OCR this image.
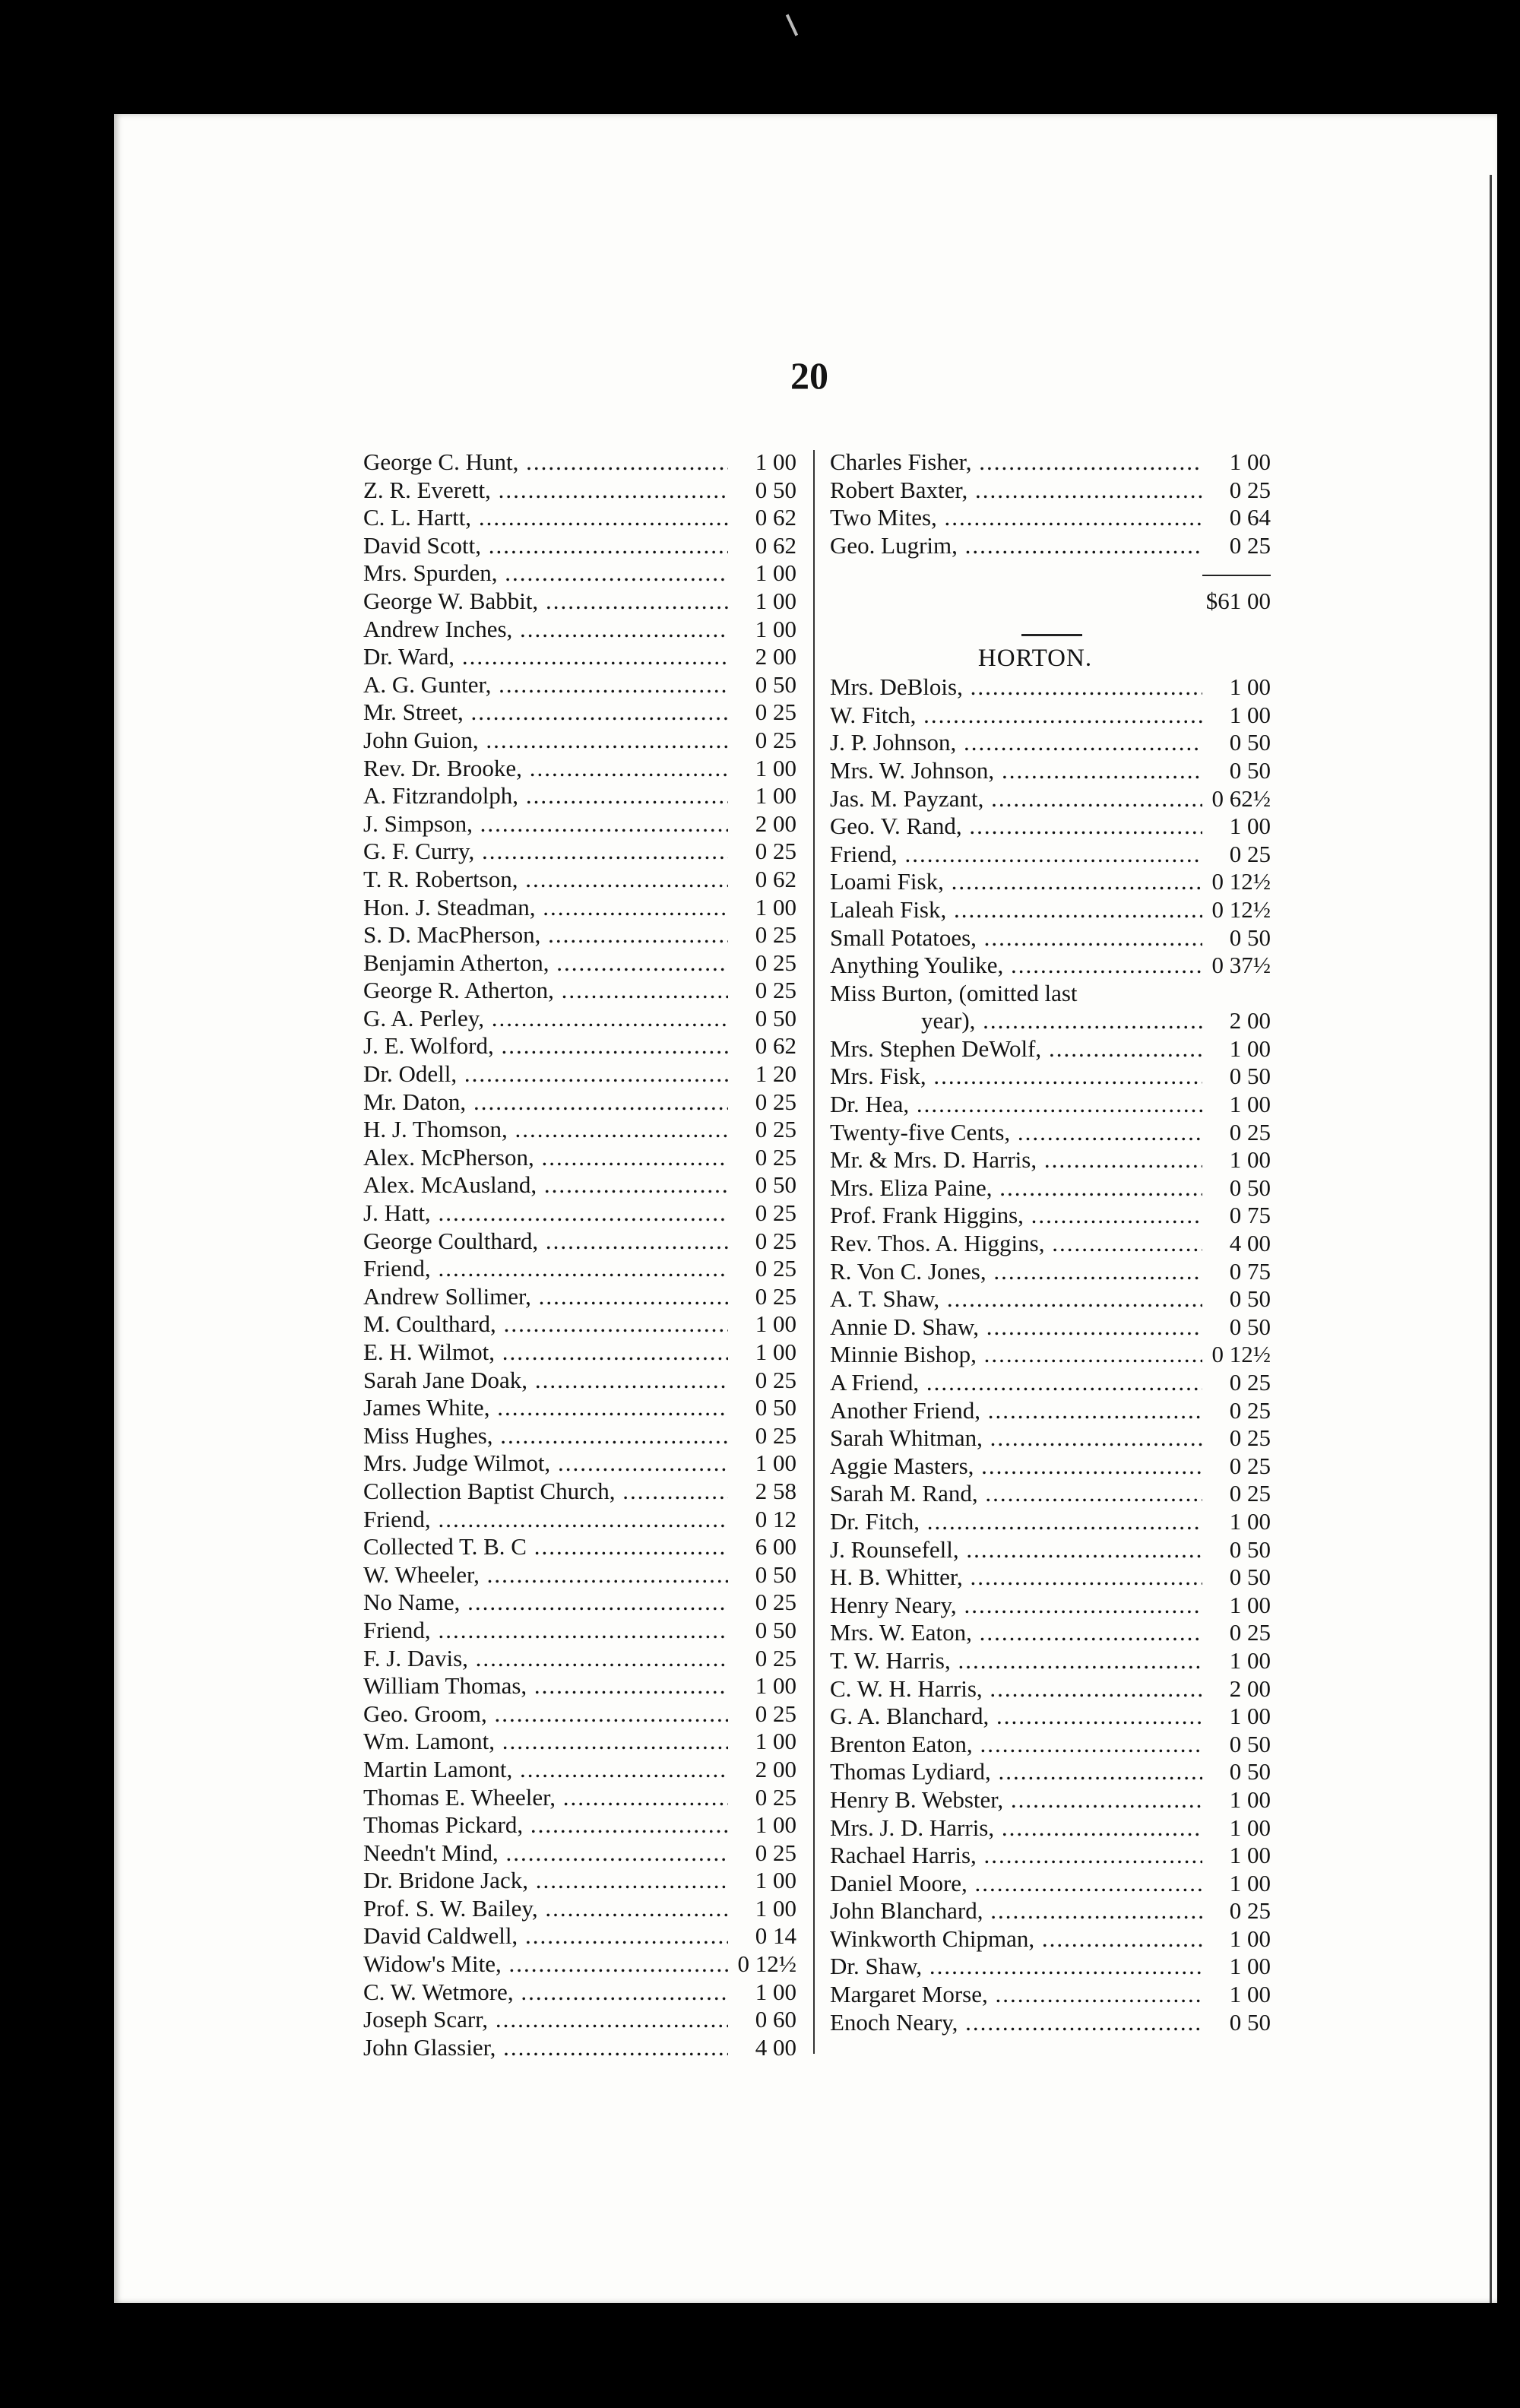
20
George C. Hunt, .....	1 00
Z. R. Everett, .....	0 50
C. L. Hartt, .....	0 62
David Scott, .....	0 62
Mrs. Spurden, .....	1 00
George W. Babbit, .....	1 00
Andrew Inches, .....	1 00
Dr. Ward, .....	2 00
A. G. Gunter, .....	0 50
Mr. Street, .....	0 25
John Guion, .....	0 25
Rev. Dr. Brooke, .....	1 00
A. Fitzrandolph, .....	1 00
J. Simpson, .....	2 00
G. F. Curry, .....	0 25
T. R. Robertson, .....	0 62
Hon. J. Steadman, .....	1 00
S. D. MacPherson, .....	0 25
Benjamin Atherton, .....	0 25
George R. Atherton, .....	0 25
G. A. Perley, .....	0 50
J. E. Wolford, .....	0 62
Dr. Odell, .....	1 20
Mr. Daton, .....	0 25
H. J. Thomson, .....	0 25
Alex. McPherson, .....	0 25
Alex. McAusland, .....	0 50
J. Hatt, .....	0 25
George Coulthard, .....	0 25
Friend, .....	0 25
Andrew Sollimer, .....	0 25
M. Coulthard, .....	1 00
E. H. Wilmot, .....	1 00
Sarah Jane Doak, .....	0 25
James White, .....	0 50
Miss Hughes, .....	0 25
Mrs. Judge Wilmot, .....	1 00
Collection Baptist Church, .....	2 58
Friend, .....	0 12
Collected T. B. C .....	6 00
W. Wheeler, .....	0 50
No Name, .....	0 25
Friend, .....	0 50
F. J. Davis, .....	0 25
William Thomas, .....	1 00
Geo. Groom, .....	0 25
Wm. Lamont, .....	1 00
Martin Lamont, .....	2 00
Thomas E. Wheeler, .....	0 25
Thomas Pickard, .....	1 00
Needn't Mind, .....	0 25
Dr. Bridone Jack, .....	1 00
Prof. S. W. Bailey, .....	1 00
David Caldwell, .....	0 14
Widow's Mite, .....	0 12½
C. W. Wetmore, .....	1 00
Joseph Scarr, .....	0 60
John Glassier, .....	4 00
Charles Fisher, .....	1 00
Robert Baxter, .....	0 25
Two Mites, .....	0 64
Geo. Lugrim, .....	0 25
$61 00
HORTON.
Mrs. DeBlois, .....	1 00
W. Fitch, .....	1 00
J. P. Johnson, .....	0 50
Mrs. W. Johnson, .....	0 50
Jas. M. Payzant, .....	0 62½
Geo. V. Rand, .....	1 00
Friend, .....	0 25
Loami Fisk, .....	0 12½
Laleah Fisk, .....	0 12½
Small Potatoes, .....	0 50
Anything Youlike, .....	0 37½
Miss Burton, (omitted last
year), .....	2 00
Mrs. Stephen DeWolf, .....	1 00
Mrs. Fisk, .....	0 50
Dr. Hea, .....	1 00
Twenty-five Cents, .....	0 25
Mr. & Mrs. D. Harris, .....	1 00
Mrs. Eliza Paine, .....	0 50
Prof. Frank Higgins, .....	0 75
Rev. Thos. A. Higgins, .....	4 00
R. Von C. Jones, .....	0 75
A. T. Shaw, .....	0 50
Annie D. Shaw, .....	0 50
Minnie Bishop, .....	0 12½
A Friend, .....	0 25
Another Friend, .....	0 25
Sarah Whitman, .....	0 25
Aggie Masters, .....	0 25
Sarah M. Rand, .....	0 25
Dr. Fitch, .....	1 00
J. Rounsefell, .....	0 50
H. B. Whitter, .....	0 50
Henry Neary, .....	1 00
Mrs. W. Eaton, .....	0 25
T. W. Harris, .....	1 00
C. W. H. Harris, .....	2 00
G. A. Blanchard, .....	1 00
Brenton Eaton, .....	0 50
Thomas Lydiard, .....	0 50
Henry B. Webster, .....	1 00
Mrs. J. D. Harris, .....	1 00
Rachael Harris, .....	1 00
Daniel Moore, .....	1 00
John Blanchard, .....	0 25
Winkworth Chipman, .....	1 00
Dr. Shaw, .....	1 00
Margaret Morse, .....	1 00
Enoch Neary, .....	0 50
